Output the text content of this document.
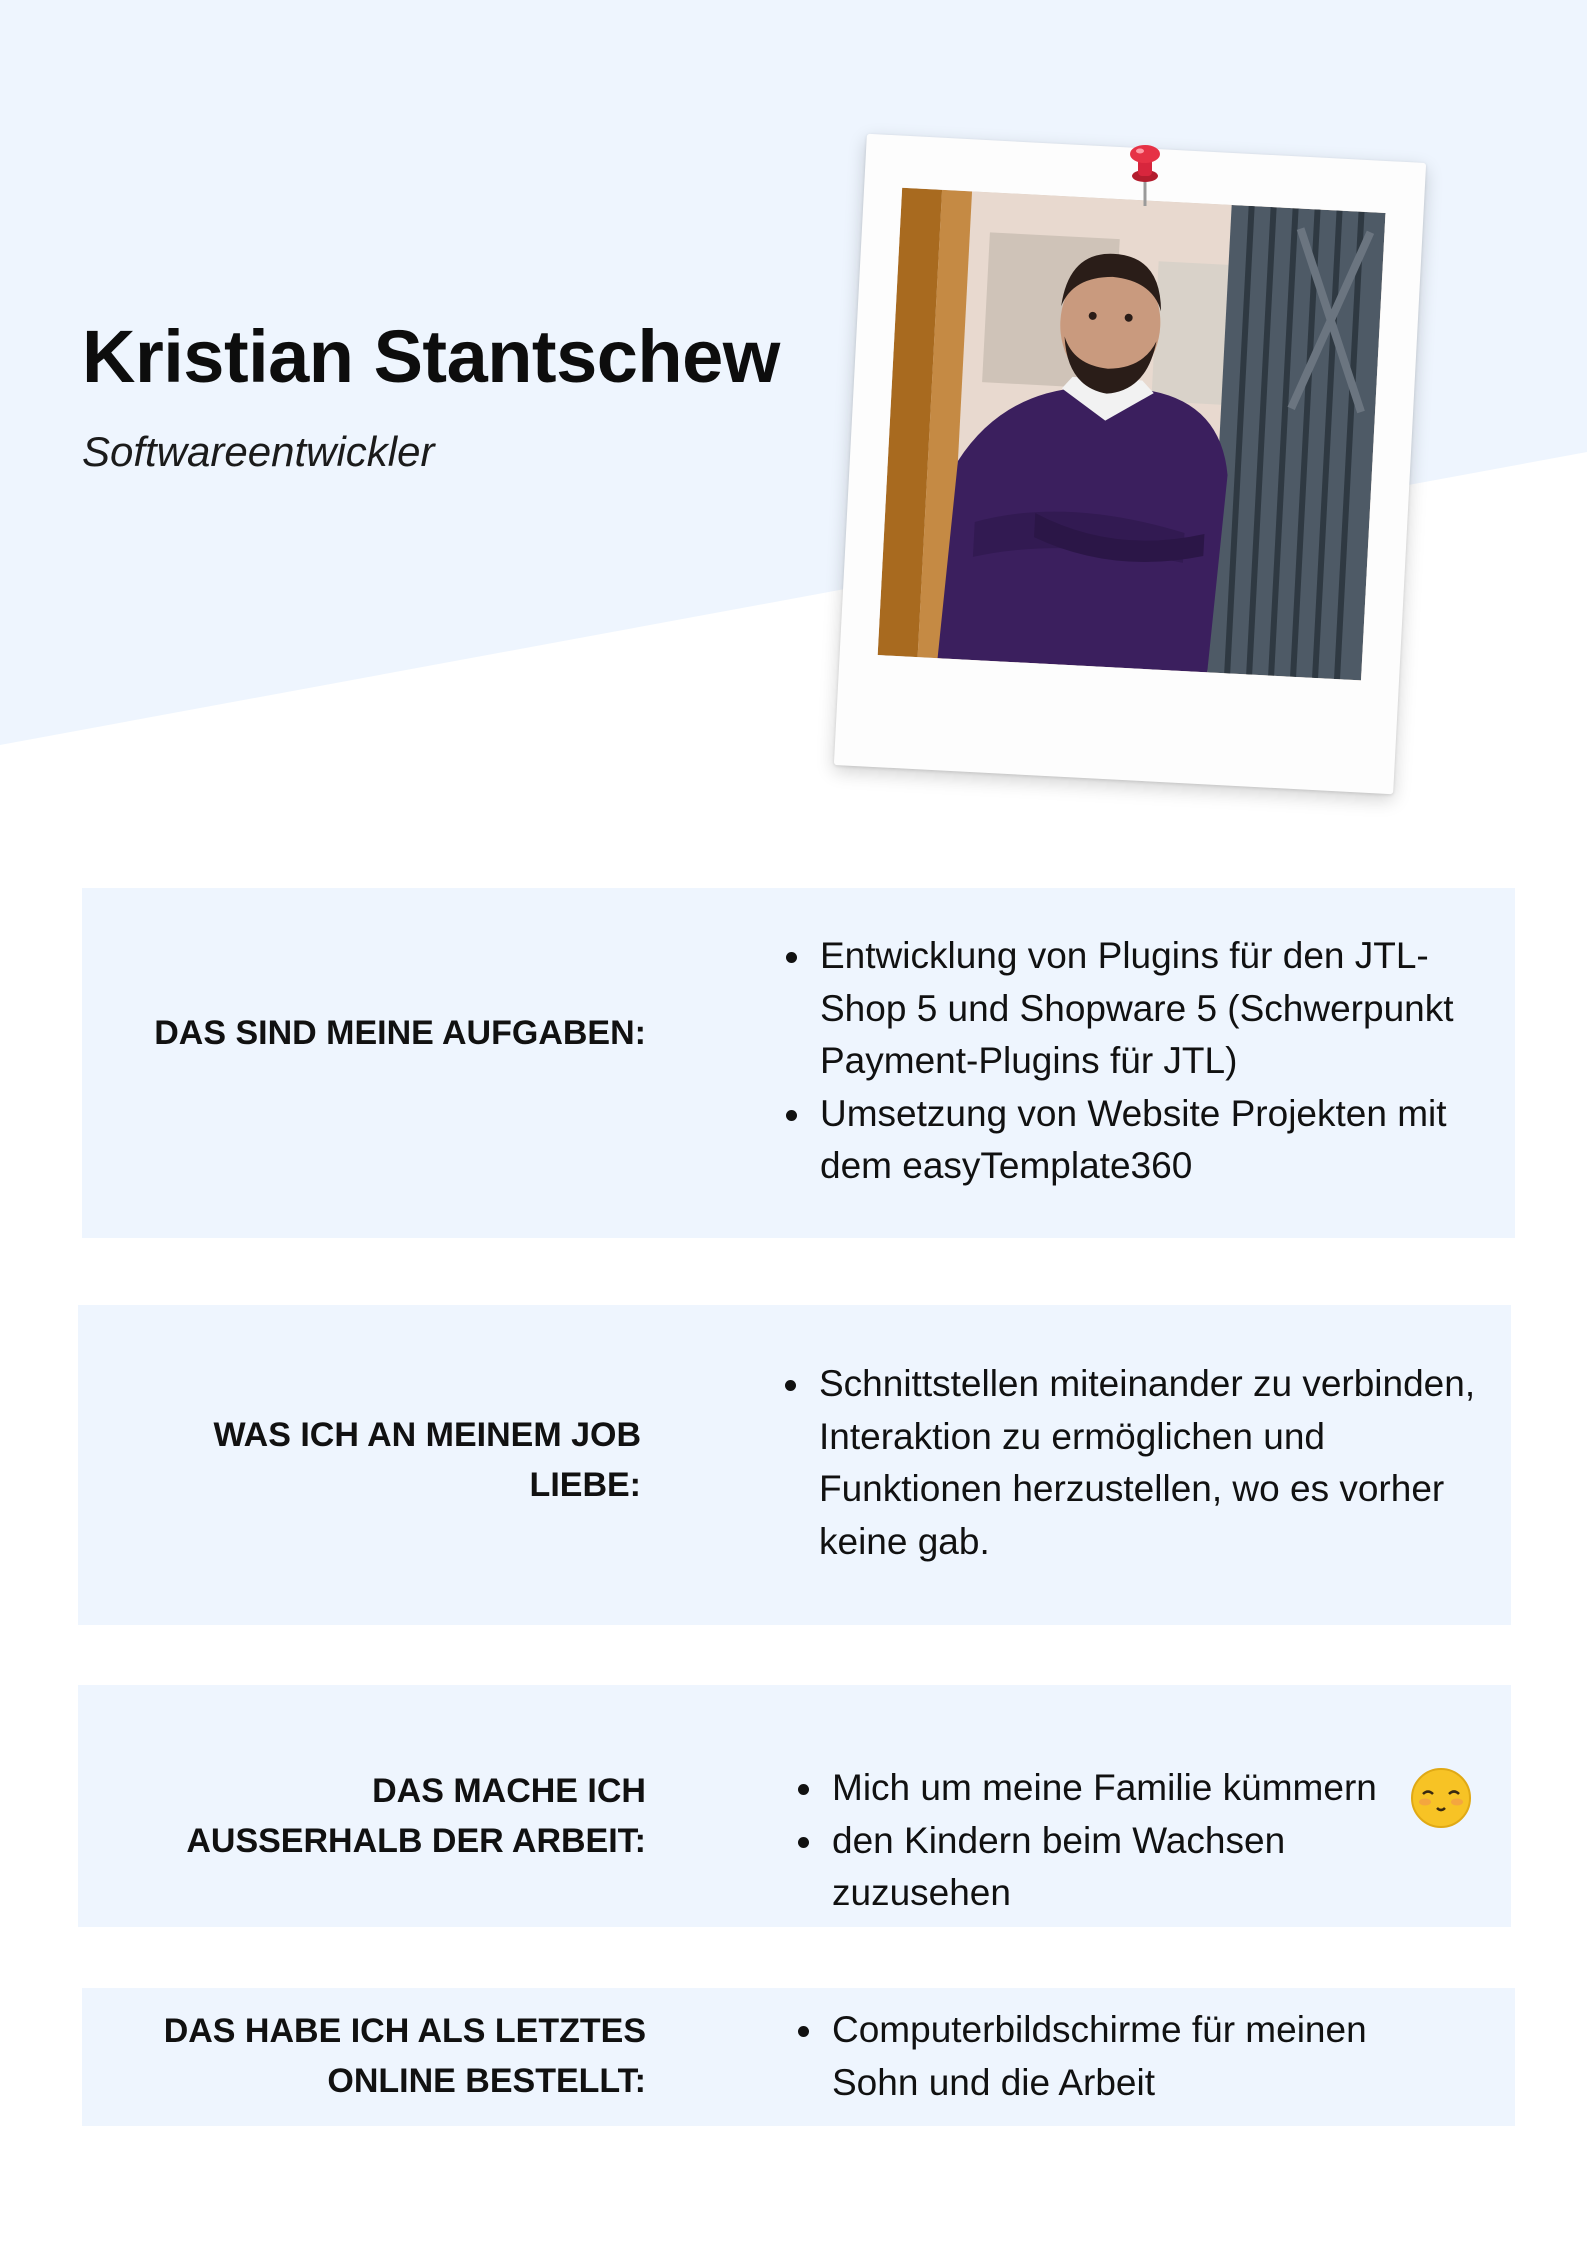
Kristian Stantschew

Softwareentwickler

DAS SIND MEINE AUFGABEN:
Entwicklung von Plugins für den JTL-
Shop 5 und Shopware 5 (Schwerpunkt
Payment-Plugins für JTL)
Umsetzung von Website Projekten mit
dem easyTemplate360
WAS ICH AN MEINEM JOB LIEBE:
Schnittstellen miteinander zu verbinden,
Interaktion zu ermöglichen und
Funktionen herzustellen, wo es vorher
keine gab.
DAS MACHE ICH
AUSSERHALB DER ARBEIT:
Mich um meine Familie kümmern
den Kindern beim Wachsen zuzusehen
DAS HABE ICH ALS LETZTES
ONLINE BESTELLT:
Computerbildschirme für meinen
Sohn und die Arbeit
